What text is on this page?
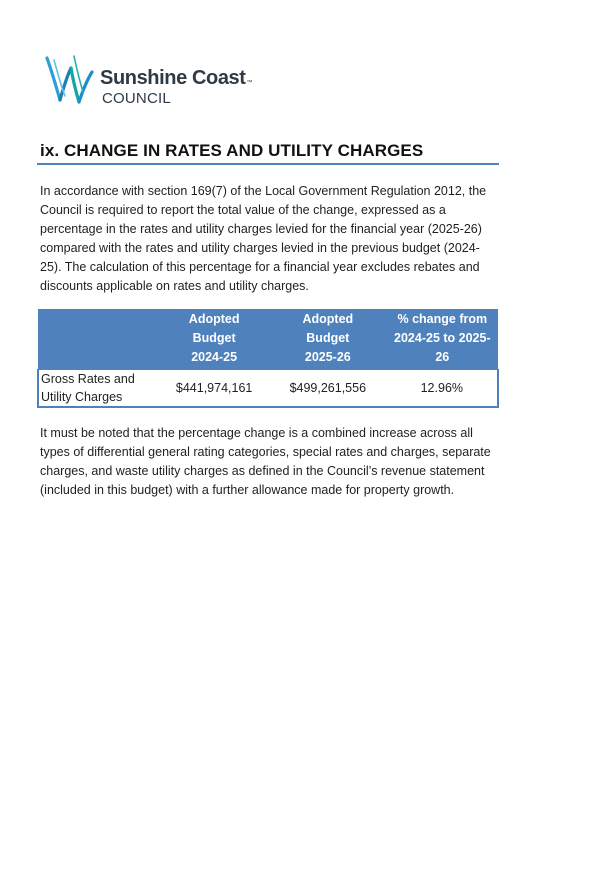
Sunshine Coast™
COUNCIL
ix. CHANGE IN RATES AND UTILITY CHARGES

In accordance with section 169(7) of the Local Government Regulation 2012, the Council is required to report the total value of the change, expressed as a percentage in the rates and utility charges levied for the financial year (2025-26) compared with the rates and utility charges levied in the previous budget (2024-25). The calculation of this percentage for a financial year excludes rebates and discounts applicable on rates and utility charges.

	Adopted
Budget
2024-25	Adopted
Budget
2025-26	% change from
2024-25 to 2025-26

Gross Rates and
Utility Charges	$441,974,161	$499,261,556	12.96%

It must be noted that the percentage change is a combined increase across all types of differential general rating categories, special rates and charges, separate charges, and waste utility charges as defined in the Council’s revenue statement (included in this budget) with a further allowance made for property growth.
